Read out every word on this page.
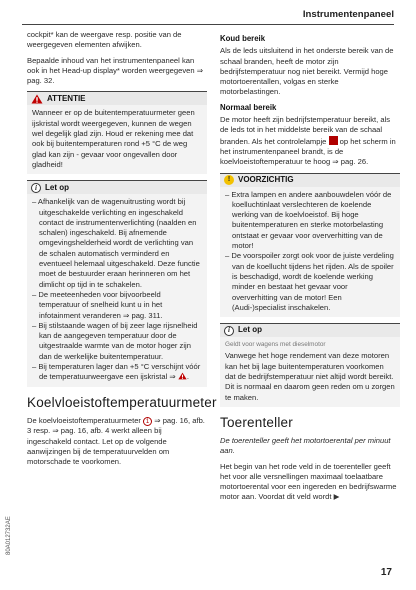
Instrumentenpaneel

cockpit* kan de weergave resp. positie van de weergegeven elementen afwijken.

Bepaalde inhoud van het instrumentenpaneel kan ook in het Head-up display* worden weergegeven ⇒ pag. 32.

ATTENTIE

Wanneer er op de buitentemperatuurmeter geen ijskristal wordt weergegeven, kunnen de wegen wel degelijk glad zijn. Houd er rekening mee dat ook bij buitentemperaturen rond +5 °C de weg glad kan zijn - gevaar voor ongevallen door gladheid!

i	Let op

– Afhankelijk van de wagenuitrusting wordt bij uitgeschakelde verlichting en ingeschakeld contact de instrumentenverlichting (naalden en schalen) ingeschakeld. Bij afnemende omgevingshelderheid wordt de verlichting van de schalen automatisch verminderd en eventueel helemaal uitgeschakeld. Deze functie moet de bestuurder eraan herinneren om het dimlicht op tijd in te schakelen.

– De meeteenheden voor bijvoorbeeld temperatuur of snelheid kunt u in het infotainment veranderen ⇒ pag. 311.

– Bij stilstaande wagen of bij zeer lage rijsnelheid kan de aangegeven temperatuur door de uitgestraalde warmte van de motor hoger zijn dan de werkelijke buitentemperatuur.

– Bij temperaturen lager dan +5 °C verschijnt vóór de temperatuurweergave een ijskristal ⇒ .

Koelvloeistoftemperatuurmeter

De koelvloeistoftemperatuurmeter 1 ⇒ pag. 16, afb. 3 resp. ⇒ pag. 16, afb. 4 werkt alleen bij ingeschakeld contact. Let op de volgende aanwijzingen bij de temperatuurvelden om motorschade te voorkomen.

Koud bereik

Als de leds uitsluitend in het onderste bereik van de schaal branden, heeft de motor zijn bedrijfstemperatuur nog niet bereikt. Vermijd hoge motortoerentallen, volgas en sterke motorbelastingen.

Normaal bereik

De motor heeft zijn bedrijfstemperatuur bereikt, als de leds tot in het middelste bereik van de schaal branden. Als het controlelampje op het scherm in het instrumentenpaneel brandt, is de koelvloeistoftemperatuur te hoog ⇒ pag. 26.

! VOORZICHTIG

– Extra lampen en andere aanbouwdelen vóór de koelluchtinlaat verslechteren de koelende werking van de koelvloeistof. Bij hoge buitentemperaturen en sterke motorbelasting ontstaat er gevaar voor oververhitting van de motor!

– De voorspoiler zorgt ook voor de juiste verdeling van de koellucht tijdens het rijden. Als de spoiler is beschadigd, wordt de koelende werking minder en bestaat het gevaar voor oververhitting van de motor! Een (Audi-)specialist inschakelen.

i	Let op
Geldt voor wagens met dieselmotor

Vanwege het hoge rendement van deze motoren kan het bij lage buitentemperaturen voorkomen dat de bedrijfstemperatuur niet altijd wordt bereikt. Dit is normaal en daarom geen reden om u zorgen te maken.

Toerenteller

De toerenteller geeft het motortoerental per minuut aan.

Het begin van het rode veld in de toerenteller geeft het voor alle versnellingen maximaal toelaatbare motortoerental voor een ingereden en bedrijfswarme motor aan. Voordat dit veld wordt ▶

80A012732AE
17
